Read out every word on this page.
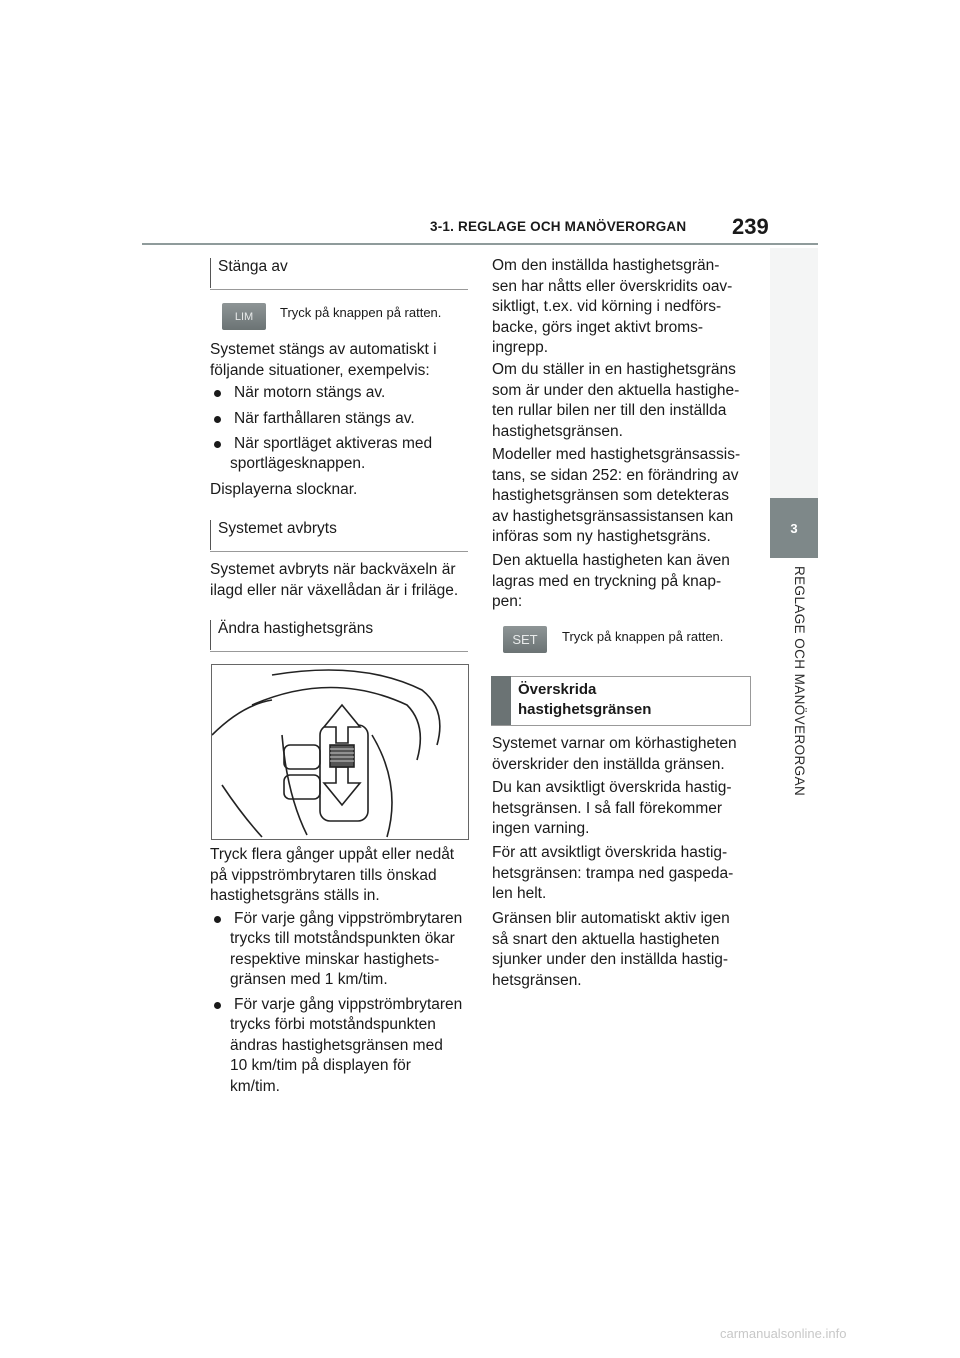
3-1. REGLAGE OCH MANÖVERORGAN 239
3
REGLAGE OCH MANÖVERORGAN
Stänga av
LIM	Tryck på knappen på ratten.
Systemet stängs av automatiskt i
följande situationer, exempelvis:
När motorn stängs av.
När farthållaren stängs av.
När sportläget aktiveras med
sportlägesknappen.
Displayerna slocknar.
Systemet avbryts
Systemet avbryts när backväxeln är
ilagd eller när växellådan är i friläge.
Ändra hastighetsgräns
Tryck flera gånger uppåt eller nedåt
på vippströmbrytaren tills önskad
hastighetsgräns ställs in.
För varje gång vippströmbrytaren
trycks till motståndspunkten ökar
respektive minskar hastighets-
gränsen med 1 km/tim.
För varje gång vippströmbrytaren
trycks förbi motståndspunkten
ändras hastighetsgränsen med
10 km/tim på displayen för
km/tim.
Om den inställda hastighetsgrän-
sen har nåtts eller överskridits oav-
siktligt, t.ex. vid körning i nedförs-
backe, görs inget aktivt broms-
ingrepp.
Om du ställer in en hastighetsgräns
som är under den aktuella hastighe-
ten rullar bilen ner till den inställda
hastighetsgränsen.
Modeller med hastighetsgränsassis-
tans, se sidan 252: en förändring av
hastighetsgränsen som detekteras
av hastighetsgränsassistansen kan
införas som ny hastighetsgräns.
Den aktuella hastigheten kan även
lagras med en tryckning på knap-
pen:
SET	Tryck på knappen på ratten.
Överskrida
hastighetsgränsen
Systemet varnar om körhastigheten
överskrider den inställda gränsen.
Du kan avsiktligt överskrida hastig-
hetsgränsen. I så fall förekommer
ingen varning.
För att avsiktligt överskrida hastig-
hetsgränsen: trampa ned gaspeda-
len helt.
Gränsen blir automatiskt aktiv igen
så snart den aktuella hastigheten
sjunker under den inställda hastig-
hetsgränsen.
carmanualsonline.info
